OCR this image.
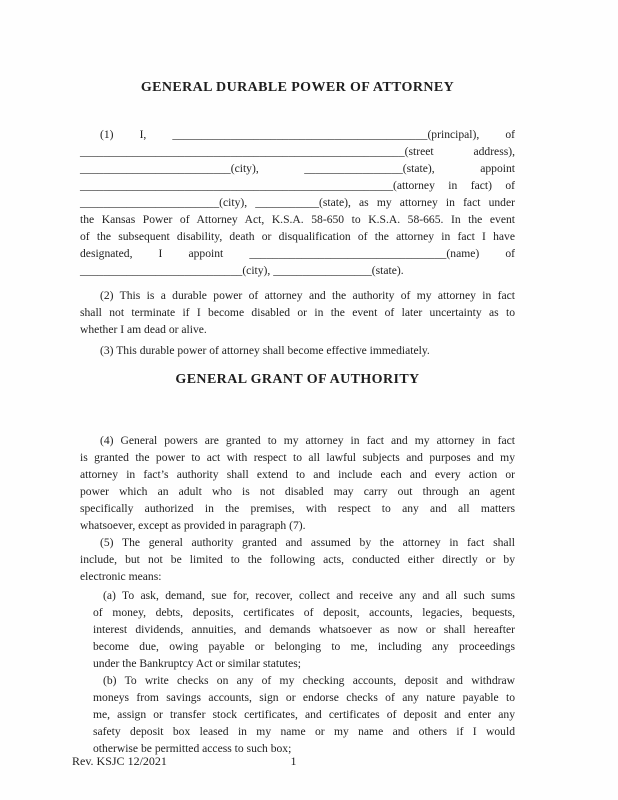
GENERAL DURABLE POWER OF ATTORNEY
(1) I, ____________________________________________(principal), of
________________________________________________________(street address),
__________________________(city), _________________(state), appoint
______________________________________________________(attorney in fact) of
________________________(city), ___________(state), as my attorney in fact under
the Kansas Power of Attorney Act, K.S.A. 58-650 to K.S.A. 58-665. In the event
of the subsequent disability, death or disqualification of the attorney in fact I have
designated, I appoint __________________________________(name) of
____________________________(city), _________________(state).
(2) This is a durable power of attorney and the authority of my attorney in fact
shall not terminate if I become disabled or in the event of later uncertainty as to
whether I am dead or alive.
(3) This durable power of attorney shall become effective immediately.
GENERAL GRANT OF AUTHORITY
(4) General powers are granted to my attorney in fact and my attorney in fact
is granted the power to act with respect to all lawful subjects and purposes and my
attorney in fact’s authority shall extend to and include each and every action or
power which an adult who is not disabled may carry out through an agent
specifically authorized in the premises, with respect to any and all matters
whatsoever, except as provided in paragraph (7).
(5) The general authority granted and assumed by the attorney in fact shall
include, but not be limited to the following acts, conducted either directly or by
electronic means:
(a) To ask, demand, sue for, recover, collect and receive any and all such sums
of money, debts, deposits, certificates of deposit, accounts, legacies, bequests,
interest dividends, annuities, and demands whatsoever as now or shall hereafter
become due, owing payable or belonging to me, including any proceedings
under the Bankruptcy Act or similar statutes;
(b) To write checks on any of my checking accounts, deposit and withdraw
moneys from savings accounts, sign or endorse checks of any nature payable to
me, assign or transfer stock certificates, and certificates of deposit and enter any
safety deposit box leased in my name or my name and others if I would
otherwise be permitted access to such box;
Rev. KSJC 12/2021	1
